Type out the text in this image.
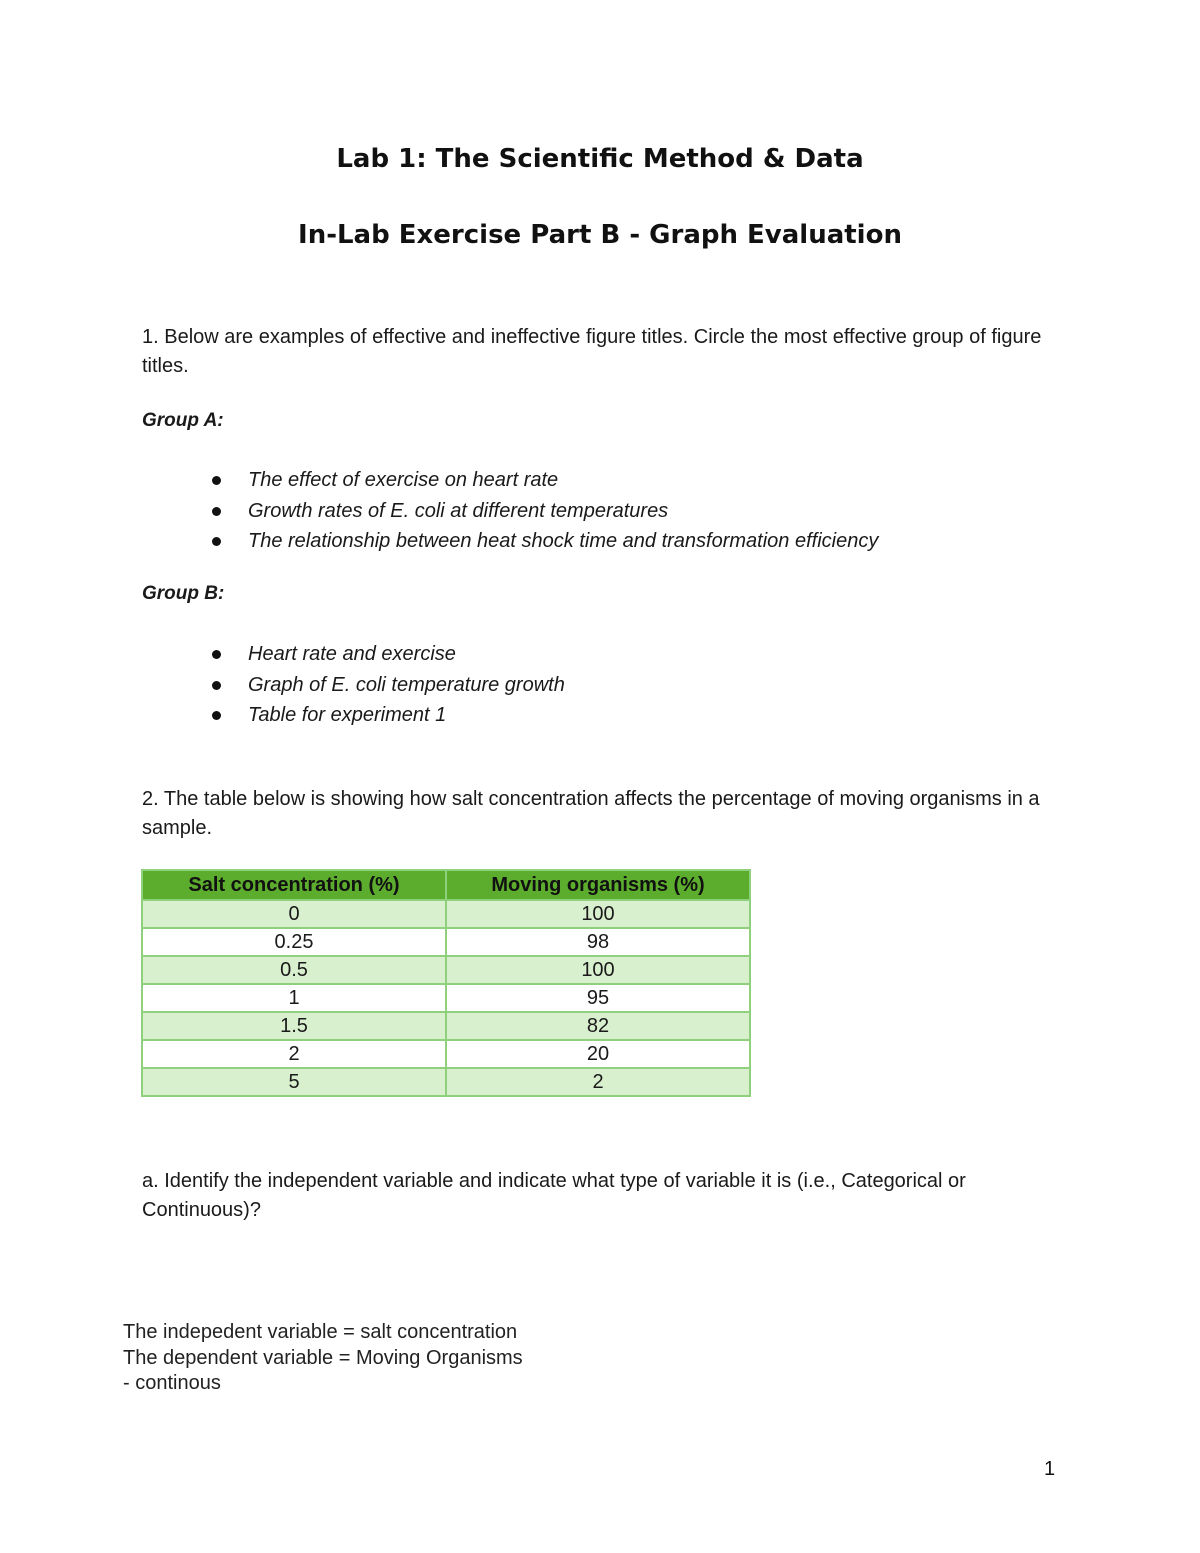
Lab 1: The Scientific Method & Data
In-Lab Exercise Part B - Graph Evaluation
1. Below are examples of effective and ineffective figure titles. Circle the most effective group of figure titles.
Group A:
The effect of exercise on heart rate
Growth rates of E. coli at different temperatures
The relationship between heat shock time and transformation efficiency
Group B:
Heart rate and exercise
Graph of E. coli temperature growth
Table for experiment 1
2. The table below is showing how salt concentration affects the percentage of moving organisms in a sample.
Salt concentration (%)	Moving organisms (%)
0	100
0.25	98
0.5	100
1	95
1.5	82
2	20
5	2
a. Identify the independent variable and indicate what type of variable it is (i.e., Categorical or Continuous)?
The indepedent variable = salt concentration
The dependent variable = Moving Organisms
- continous
1
